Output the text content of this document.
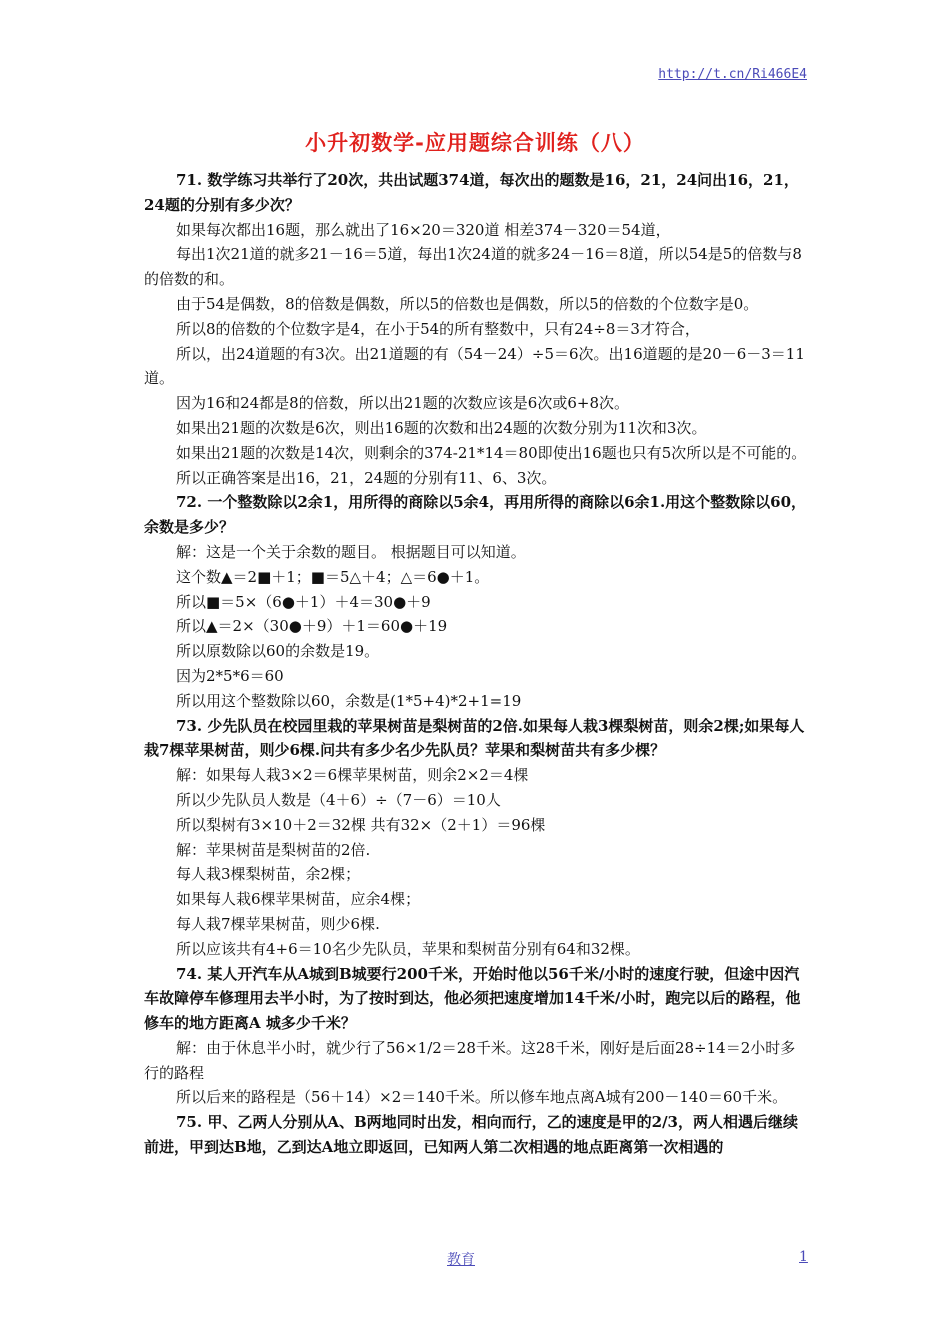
http://t.cn/Ri466E4
小升初数学-应用题综合训练（八）

71. 数学练习共举行了20次，共出试题374道，每次出的题数是16，21，24问出16，21，24题的分别有多少次？

如果每次都出16题，那么就出了16×20＝320道 相差374－320＝54道，

每出1次21道的就多21－16＝5道，每出1次24道的就多24－16＝8道，所以54是5的倍数与8的倍数的和。

由于54是偶数，8的倍数是偶数，所以5的倍数也是偶数，所以5的倍数的个位数字是0。

所以8的倍数的个位数字是4，在小于54的所有整数中，只有24÷8＝3才符合，

所以，出24道题的有3次。出21道题的有（54－24）÷5＝6次。出16道题的是20－6－3＝11道。

因为16和24都是8的倍数，所以出21题的次数应该是6次或6+8次。

如果出21题的次数是6次，则出16题的次数和出24题的次数分别为11次和3次。

如果出21题的次数是14次，则剩余的374-21*14＝80即使出16题也只有5次所以是不可能的。

所以正确答案是出16，21，24题的分别有11、6、3次。

72. 一个整数除以2余1，用所得的商除以5余4，再用所得的商除以6余1.用这个整数除以60，余数是多少？

解：这是一个关于余数的题目。 根据题目可以知道。

这个数▲＝2■＋1；■＝5△＋4；△＝6●＋1。

所以■＝5×（6●＋1）＋4＝30●＋9

所以▲＝2×（30●＋9）＋1＝60●＋19

所以原数除以60的余数是19。

因为2*5*6＝60

所以用这个整数除以60，余数是(1*5+4)*2+1=19

73. 少先队员在校园里栽的苹果树苗是梨树苗的2倍.如果每人栽3棵梨树苗，则余2棵;如果每人栽7棵苹果树苗，则少6棵.问共有多少名少先队员？苹果和梨树苗共有多少棵？

解：如果每人栽3×2＝6棵苹果树苗，则余2×2＝4棵

所以少先队员人数是（4＋6）÷（7－6）＝10人

所以梨树有3×10＋2＝32棵 共有32×（2＋1）＝96棵

解：苹果树苗是梨树苗的2倍.

每人栽3棵梨树苗，余2棵；

如果每人栽6棵苹果树苗，应余4棵；

每人栽7棵苹果树苗，则少6棵.

所以应该共有4+6＝10名少先队员，苹果和梨树苗分别有64和32棵。

74. 某人开汽车从A城到B城要行200千米，开始时他以56千米/小时的速度行驶，但途中因汽车故障停车修理用去半小时，为了按时到达，他必须把速度增加14千米/小时，跑完以后的路程，他修车的地方距离A 城多少千米？

解：由于休息半小时，就少行了56×1/2＝28千米。这28千米，刚好是后面28÷14＝2小时多行的路程

所以后来的路程是（56＋14）×2＝140千米。所以修车地点离A城有200－140＝60千米。

75. 甲、乙两人分别从A、B两地同时出发，相向而行，乙的速度是甲的2/3，两人相遇后继续前进，甲到达B地，乙到达A地立即返回，已知两人第二次相遇的地点距离第一次相遇的

教育	1
